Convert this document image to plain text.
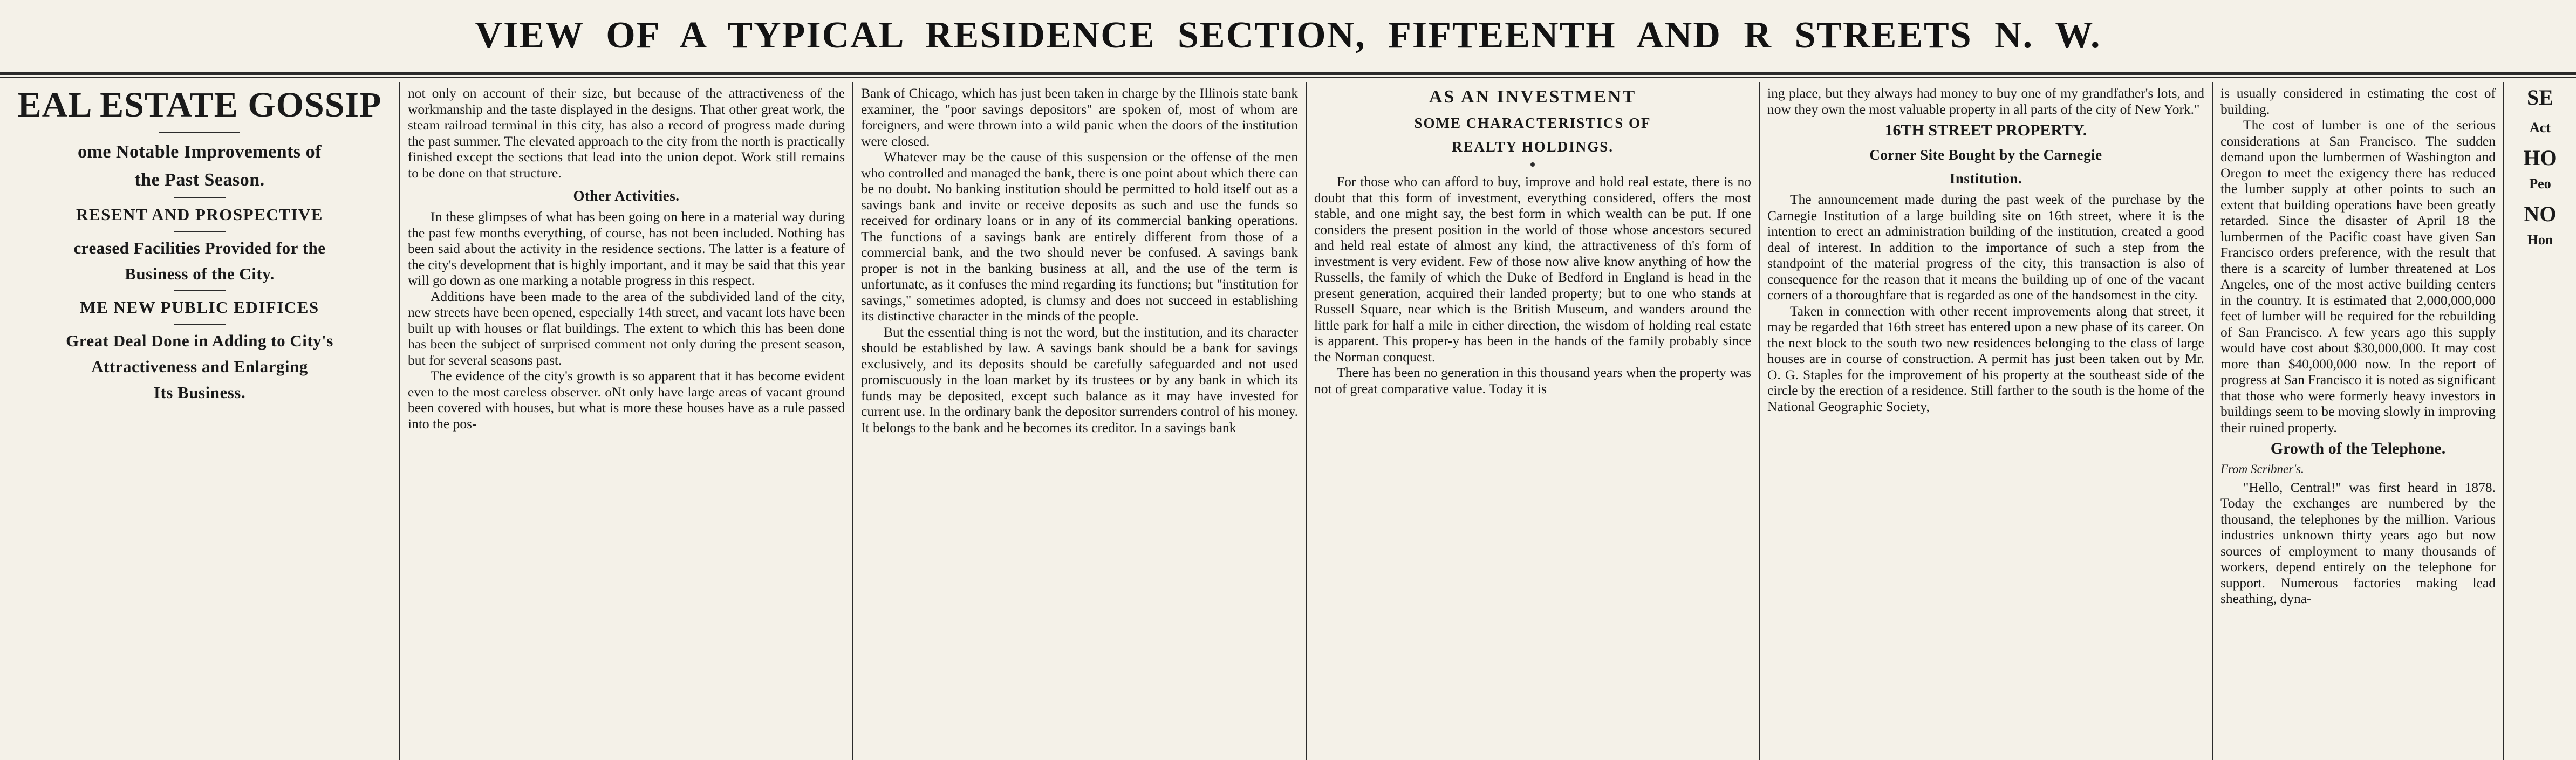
VIEW OF A TYPICAL RESIDENCE SECTION, FIFTEENTH AND R STREETS N. W.
EAL ESTATE GOSSIP
ome Notable Improvements of
the Past Season.
RESENT AND PROSPECTIVE
creased Facilities Provided for the
Business of the City.
ME NEW PUBLIC EDIFICES
Great Deal Done in Adding to City's
Attractiveness and Enlarging
Its Business.

not only on account of their size, but because of the attractiveness of the workmanship and the taste displayed in the designs. That other great work, the steam railroad terminal in this city, has also a record of progress made during the past summer. The elevated approach to the city from the north is practically finished except the sections that lead into the union depot. Work still remains to be done on that structure.

Other Activities.

In these glimpses of what has been going on here in a material way during the past few months everything, of course, has not been included. Nothing has been said about the activity in the residence sections. The latter is a feature of the city's development that is highly important, and it may be said that this year will go down as one marking a notable progress in this respect.

Additions have been made to the area of the subdivided land of the city, new streets have been opened, especially 14th street, and vacant lots have been built up with houses or flat buildings. The extent to which this has been done has been the subject of surprised comment not only during the present season, but for several seasons past.

The evidence of the city's growth is so apparent that it has become evident even to the most careless observer. oNt only have large areas of vacant ground been covered with houses, but what is more these houses have as a rule passed into the pos-

Bank of Chicago, which has just been taken in charge by the Illinois state bank examiner, the "poor savings depositors" are spoken of, most of whom are foreigners, and were thrown into a wild panic when the doors of the institution were closed.

Whatever may be the cause of this suspension or the offense of the men who controlled and managed the bank, there is one point about which there can be no doubt. No banking institution should be permitted to hold itself out as a savings bank and invite or receive deposits as such and use the funds so received for ordinary loans or in any of its commercial banking operations. The functions of a savings bank are entirely different from those of a commercial bank, and the two should never be confused. A savings bank proper is not in the banking business at all, and the use of the term is unfortunate, as it confuses the mind regarding its functions; but "institution for savings," sometimes adopted, is clumsy and does not succeed in establishing its distinctive character in the minds of the people.

But the essential thing is not the word, but the institution, and its character should be established by law. A savings bank should be a bank for savings exclusively, and its deposits should be carefully safeguarded and not used promiscuously in the loan market by its trustees or by any bank in which its funds may be deposited, except such balance as it may have invested for current use. In the ordinary bank the depositor surrenders control of his money. It belongs to the bank and he becomes its creditor. In a savings bank

AS AN INVESTMENT
SOME CHARACTERISTICS OF
REALTY HOLDINGS.

For those who can afford to buy, improve and hold real estate, there is no doubt that this form of investment, everything considered, offers the most stable, and one might say, the best form in which wealth can be put. If one considers the present position in the world of those whose ancestors secured and held real estate of almost any kind, the attractiveness of th's form of investment is very evident. Few of those now alive know anything of how the Russells, the family of which the Duke of Bedford in England is head in the present generation, acquired their landed property; but to one who stands at Russell Square, near which is the British Museum, and wanders around the little park for half a mile in either direction, the wisdom of holding real estate is apparent. This proper-y has been in the hands of the family probably since the Norman conquest.

There has been no generation in this thousand years when the property was not of great comparative value. Today it is

ing place, but they always had money to buy one of my grandfather's lots, and now they own the most valuable property in all parts of the city of New York."

16TH STREET PROPERTY.
Corner Site Bought by the Carnegie
Institution.

The announcement made during the past week of the purchase by the Carnegie Institution of a large building site on 16th street, where it is the intention to erect an administration building of the institution, created a good deal of interest. In addition to the importance of such a step from the standpoint of the material progress of the city, this transaction is also of consequence for the reason that it means the building up of one of the vacant corners of a thoroughfare that is regarded as one of the handsomest in the city.

Taken in connection with other recent improvements along that street, it may be regarded that 16th street has entered upon a new phase of its career. On the next block to the south two new residences belonging to the class of large houses are in course of construction. A permit has just been taken out by Mr. O. G. Staples for the improvement of his property at the southeast side of the circle by the erection of a residence. Still farther to the south is the home of the National Geographic Society,

is usually considered in estimating the cost of building.

The cost of lumber is one of the serious considerations at San Francisco. The sudden demand upon the lumbermen of Washington and Oregon to meet the exigency there has reduced the lumber supply at other points to such an extent that building operations have been greatly retarded. Since the disaster of April 18 the lumbermen of the Pacific coast have given San Francisco orders preference, with the result that there is a scarcity of lumber threatened at Los Angeles, one of the most active building centers in the country. It is estimated that 2,000,000,000 feet of lumber will be required for the rebuilding of San Francisco. A few years ago this supply would have cost about $30,000,000. It may cost more than $40,000,000 now. In the report of progress at San Francisco it is noted as significant that those who were formerly heavy investors in buildings seem to be moving slowly in improving their ruined property.

Growth of the Telephone.

From Scribner's.

"Hello, Central!" was first heard in 1878. Today the exchanges are numbered by the thousand, the telephones by the million. Various industries unknown thirty years ago but now sources of employment to many thousands of workers, depend entirely on the telephone for support. Numerous factories making lead sheathing, dyna-

SE
Act
HO
Peo
NO
Hon
